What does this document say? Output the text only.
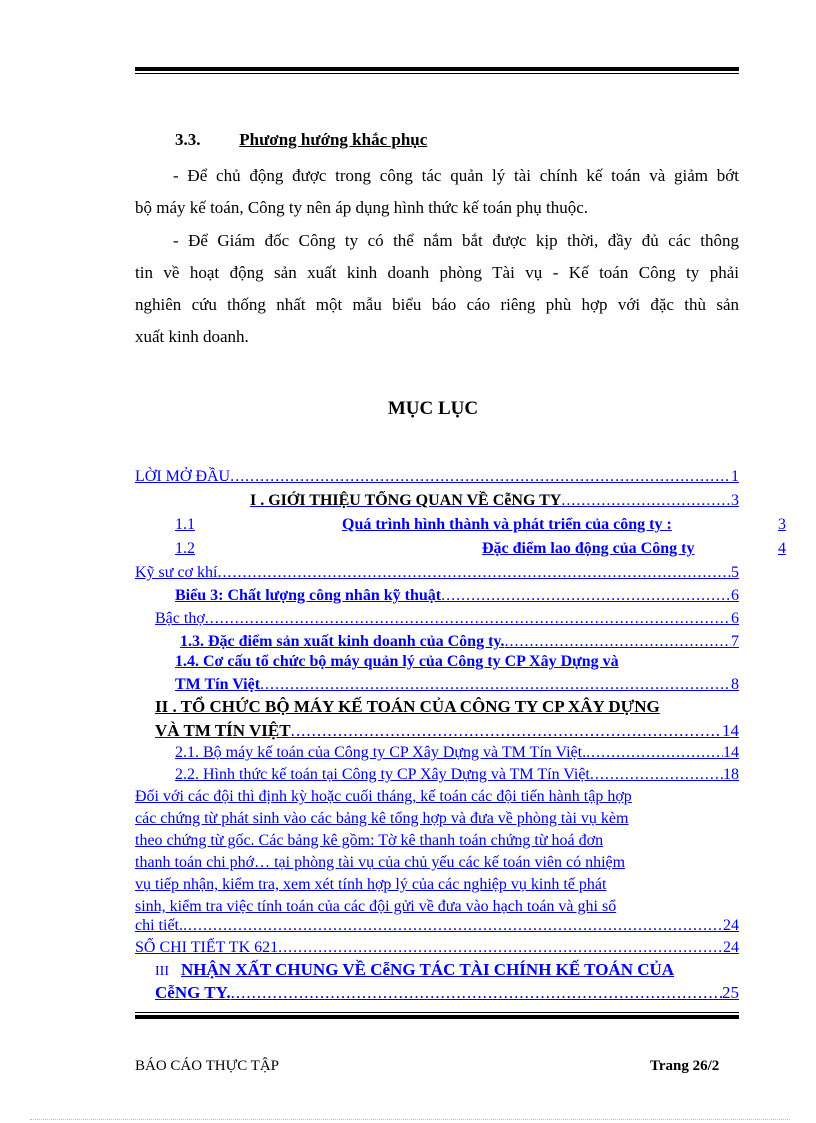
3.3. Phương hướng khắc phục
- Để chủ động được trong công tác quản lý tài chính kế toán và giảm bớt
bộ máy kế toán, Công ty nên áp dụng hình thức kế toán phụ thuộc.
- Để Giám đốc Công ty có thể nắm bắt được kịp thời, đầy đủ các thông
tin về hoạt động sản xuất kinh doanh phòng Tài vụ - Kế toán Công ty phải
nghiên cứu thống nhất một mẫu biểu báo cáo riêng phù hợp với đặc thù sản
xuất kinh doanh.
MỤC LỤC
LỜI MỞ ĐẦU .....	1
I . GIỚI THIỆU TỔNG QUAN VỀ CễNG TY .....	3
1.1	Quá trình hình thành và phát triển của công ty :	3
1.2	Đặc điểm lao động của Công ty	4
Kỹ sư cơ khí .....	5
Biểu 3: Chất lượng công nhân kỹ thuật .....	6
Bậc thợ .....	6
1.3. Đặc điểm sản xuất kinh doanh của Công ty. .....	7
1.4. Cơ cấu tổ chức bộ máy quản lý của Công ty CP Xây Dựng và
TM Tín Việt .....	8
II . TỔ CHỨC BỘ MÁY KẾ TOÁN CỦA CÔNG TY CP XÂY DỰNG
VÀ TM TÍN VIỆT .....	14
2.1. Bộ máy kế toán của Công ty CP Xây Dựng và TM Tín Việt. .....	14
2.2. Hình thức kế toán tại Công ty CP Xây Dựng và TM Tín Việt .....	18
Đối với các đội thì định kỳ hoặc cuối tháng, kế toán các đội tiến hành tập hợp
các chứng từ phát sinh vào các bảng kê tổng hợp và đưa về phòng tài vụ kèm
theo chứng từ gốc. Các bảng kê gồm: Tờ kê thanh toán chứng từ hoá đơn
thanh toán chi phớ… tại phòng tài vụ của chủ yếu các kế toán viên có nhiệm
vụ tiếp nhận, kiểm tra, xem xét tính hợp lý của các nghiệp vụ kinh tế phát
sinh, kiểm tra việc tính toán của các đội gửi về đưa vào hạch toán và ghi sổ
chi tiết. .....	24
SỔ CHI TIẾT TK 621 .....	24
III NHẬN XẤT CHUNG VỀ CễNG TÁC TÀI CHÍNH KẾ TOÁN CỦA
CễNG TY. .....	25
BÁO CÁO THỰC TẬP	Trang 26/2
